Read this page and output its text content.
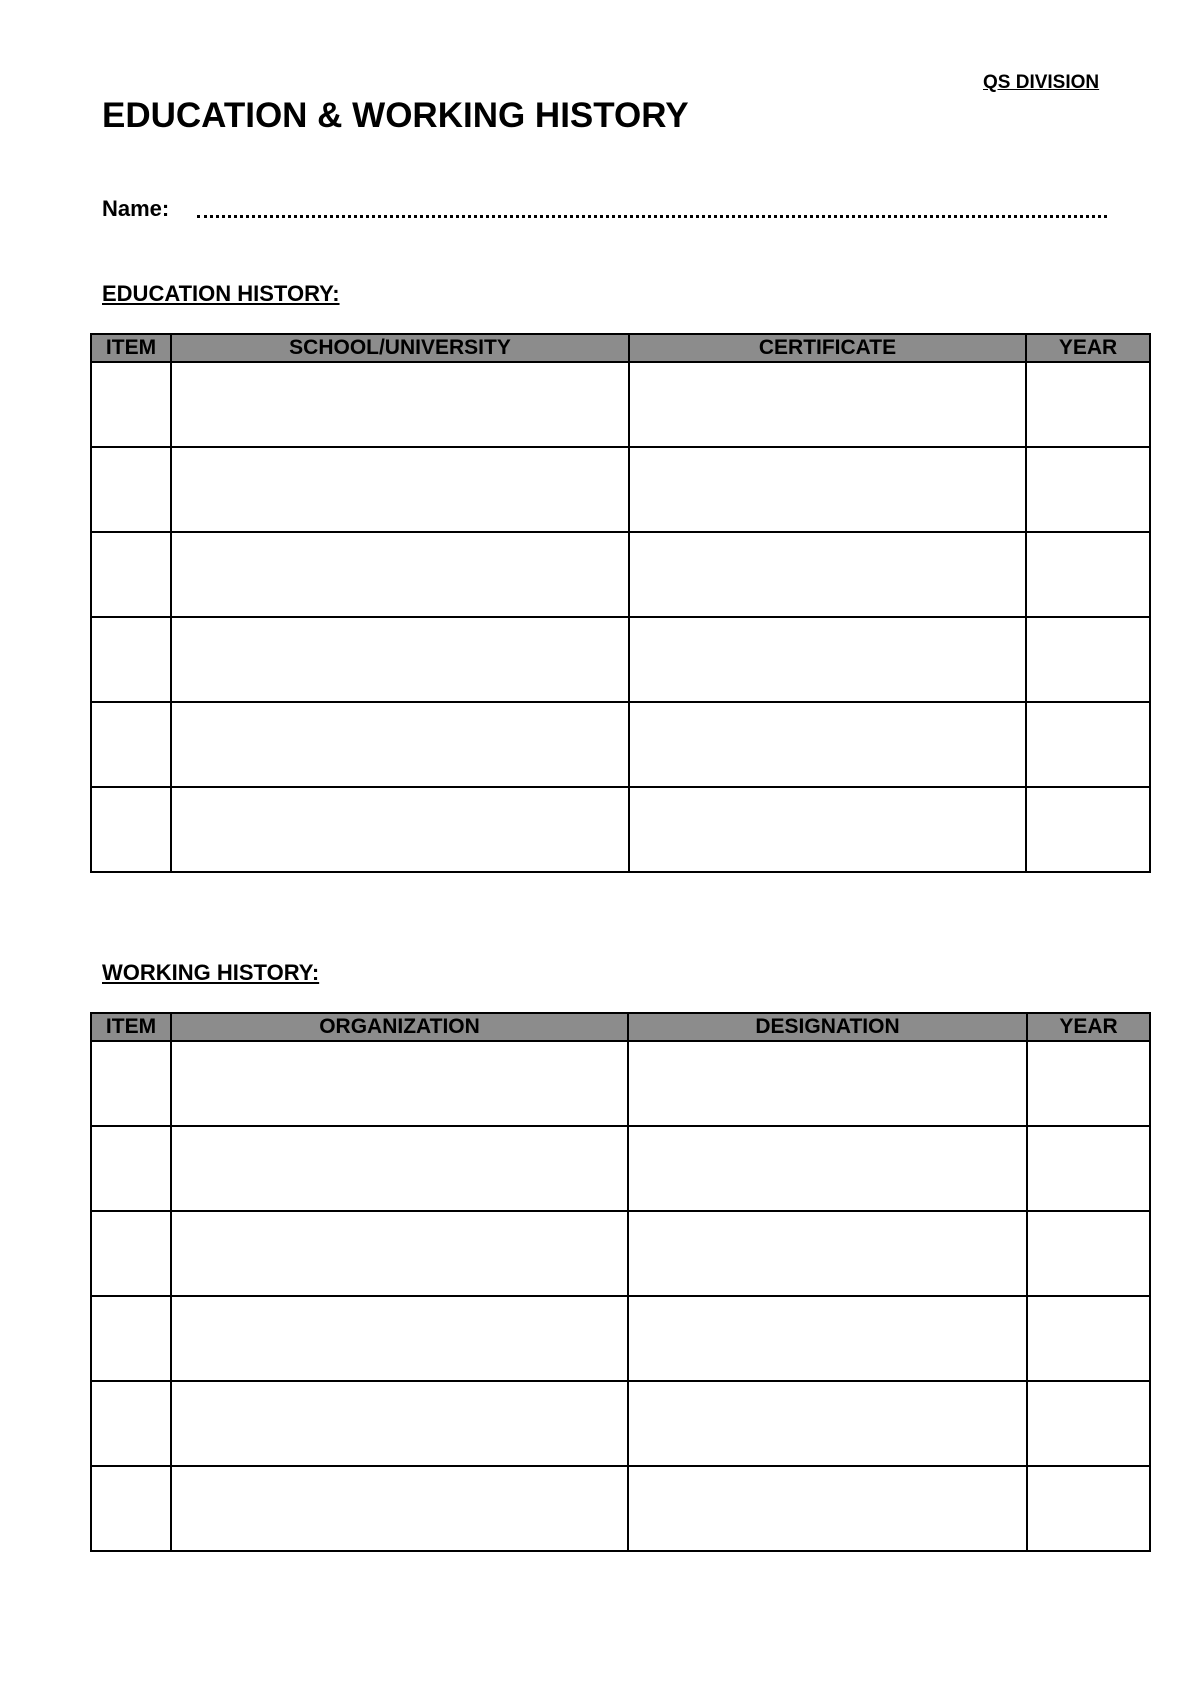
QS DIVISION
EDUCATION & WORKING HISTORY
Name:
EDUCATION HISTORY:
ITEM	SCHOOL/UNIVERSITY	CERTIFICATE	YEAR

WORKING HISTORY:
ITEM	ORGANIZATION	DESIGNATION	YEAR
